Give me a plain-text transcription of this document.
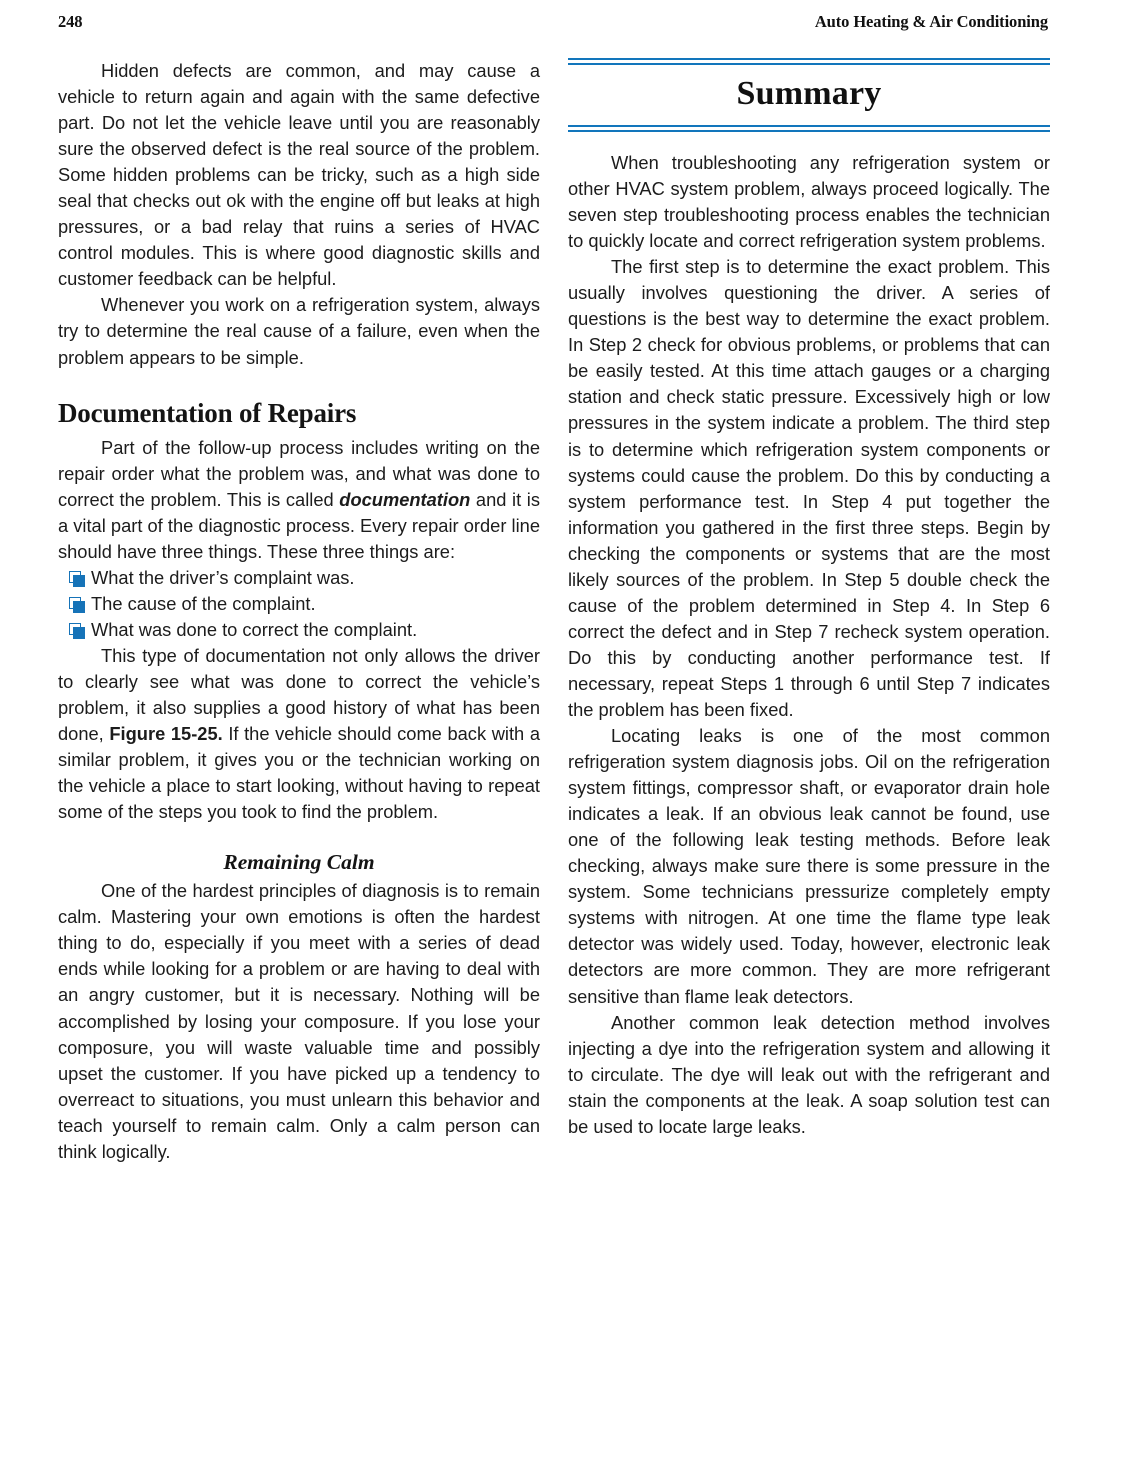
248	Auto Heating & Air Conditioning

Hidden defects are common, and may cause a vehicle to return again and again with the same defective part. Do not let the vehicle leave until you are reasonably sure the observed defect is the real source of the problem. Some hidden problems can be tricky, such as a high side seal that checks out ok with the engine off but leaks at high pressures, or a bad relay that ruins a series of HVAC control modules. This is where good diagnostic skills and customer feedback can be helpful.

Whenever you work on a refrigeration system, always try to determine the real cause of a failure, even when the problem appears to be simple.

Documentation of Repairs

Part of the follow-up process includes writing on the repair order what the problem was, and what was done to correct the problem. This is called documentation and it is a vital part of the diagnostic process. Every repair order line should have three things. These three things are:

What the driver’s complaint was.
The cause of the complaint.
What was done to correct the complaint.

This type of documentation not only allows the driver to clearly see what was done to correct the vehicle’s problem, it also supplies a good history of what has been done, Figure 15-25. If the vehicle should come back with a similar problem, it gives you or the technician working on the vehicle a place to start looking, without having to repeat some of the steps you took to find the problem.

Remaining Calm

One of the hardest principles of diagnosis is to remain calm. Mastering your own emotions is often the hardest thing to do, especially if you meet with a series of dead ends while looking for a problem or are having to deal with an angry customer, but it is necessary. Nothing will be accomplished by losing your composure. If you lose your composure, you will waste valuable time and possibly upset the customer. If you have picked up a tendency to overreact to situations, you must unlearn this behavior and teach yourself to remain calm. Only a calm person can think logically.

Summary

When troubleshooting any refrigeration system or other HVAC system problem, always proceed logically. The seven step troubleshooting process enables the technician to quickly locate and correct refrigeration system problems.

The first step is to determine the exact problem. This usually involves questioning the driver. A series of questions is the best way to determine the exact problem. In Step 2 check for obvious problems, or problems that can be easily tested. At this time attach gauges or a charging station and check static pressure. Excessively high or low pressures in the system indicate a problem. The third step is to determine which refrigeration system components or systems could cause the problem. Do this by conducting a system performance test. In Step 4 put together the information you gathered in the first three steps. Begin by checking the components or systems that are the most likely sources of the problem. In Step 5 double check the cause of the problem determined in Step 4. In Step 6 correct the defect and in Step 7 recheck system operation. Do this by conducting another performance test. If necessary, repeat Steps 1 through 6 until Step 7 indicates the problem has been fixed.

Locating leaks is one of the most common refrigeration system diagnosis jobs. Oil on the refrigeration system fittings, compressor shaft, or evaporator drain hole indicates a leak. If an obvious leak cannot be found, use one of the following leak testing methods. Before leak checking, always make sure there is some pressure in the system. Some technicians pressurize completely empty systems with nitrogen. At one time the flame type leak detector was widely used. Today, however, electronic leak detectors are more common. They are more refrigerant sensitive than flame leak detectors.

Another common leak detection method involves injecting a dye into the refrigeration system and allowing it to circulate. The dye will leak out with the refrigerant and stain the components at the leak. A soap solution test can be used to locate large leaks.
